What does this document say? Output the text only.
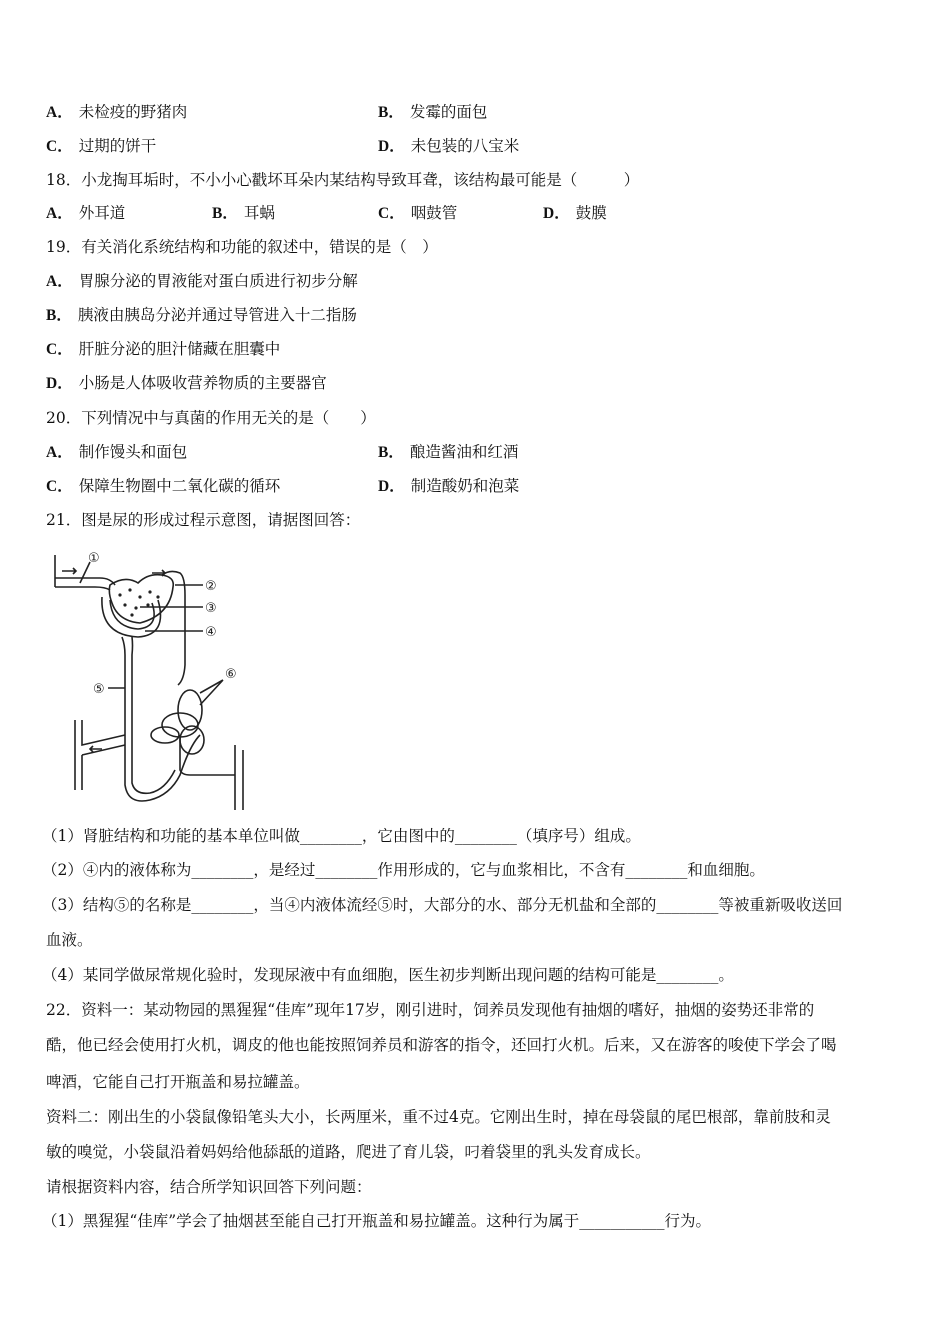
A． 未检疫的野猪肉	B． 发霉的面包
C． 过期的饼干	D． 未包装的八宝米
18．小龙掏耳垢时，不小小心戳坏耳朵内某结构导致耳聋，该结构最可能是（　　　）
A． 外耳道	B． 耳蜗	C． 咽鼓管	D． 鼓膜
19．有关消化系统结构和功能的叙述中，错误的是（　）
A． 胃腺分泌的胃液能对蛋白质进行初步分解
B． 胰液由胰岛分泌并通过导管进入十二指肠
C． 肝脏分泌的胆汁储藏在胆囊中
D． 小肠是人体吸收营养物质的主要器官
20．下列情况中与真菌的作用无关的是（　　）
A． 制作馒头和面包	B． 酿造酱油和红酒
C． 保障生物圈中二氧化碳的循环	D． 制造酸奶和泡菜
21．图是尿的形成过程示意图，请据图回答：
①
②
③
④
⑤
⑥
（1）肾脏结构和功能的基本单位叫做________，它由图中的________（填序号）组成。
（2）④内的液体称为________，是经过________作用形成的，它与血浆相比，不含有________和血细胞。
（3）结构⑤的名称是________，当④内液体流经⑤时，大部分的水、部分无机盐和全部的________等被重新吸收送回
血液。
（4）某同学做尿常规化验时，发现尿液中有血细胞，医生初步判断出现问题的结构可能是________。
22．资料一：某动物园的黑猩猩“佳库”现年17岁，刚引进时，饲养员发现他有抽烟的嗜好，抽烟的姿势还非常的
酷，他已经会使用打火机，调皮的他也能按照饲养员和游客的指令，还回打火机。后来，又在游客的唆使下学会了喝
啤酒，它能自己打开瓶盖和易拉罐盖。
资料二：刚出生的小袋鼠像铅笔头大小，长两厘米，重不过4克。它刚出生时，掉在母袋鼠的尾巴根部，靠前肢和灵
敏的嗅觉，小袋鼠沿着妈妈给他舔舐的道路，爬进了育儿袋，叼着袋里的乳头发育成长。
请根据资料内容，结合所学知识回答下列问题：
（1）黑猩猩“佳库”学会了抽烟甚至能自己打开瓶盖和易拉罐盖。这种行为属于___________行为。
